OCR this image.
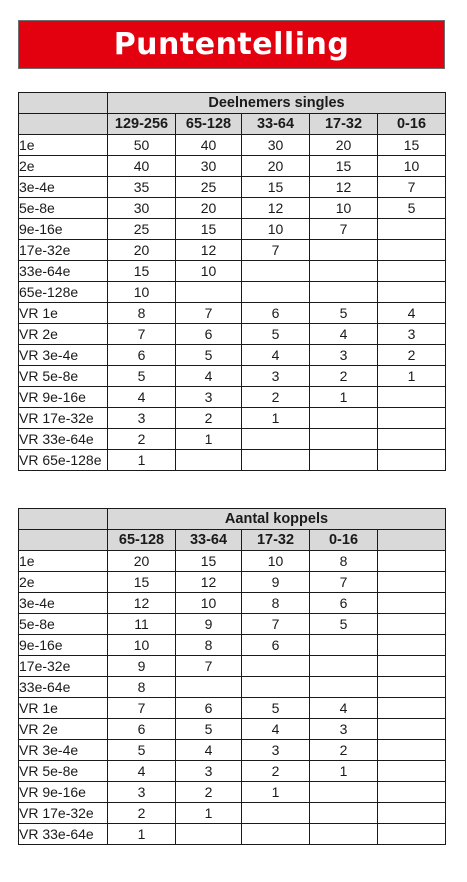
Puntentelling
	Deelnemers singles				
	129-256	65-128	33-64	17-32	0-16
1e	50	40	30	20	15
2e	40	30	20	15	10
3e-4e	35	25	15	12	7
5e-8e	30	20	12	10	5
9e-16e	25	15	10	7	
17e-32e	20	12	7		
33e-64e	15	10			
65e-128e	10				
VR 1e	8	7	6	5	4
VR 2e	7	6	5	4	3
VR 3e-4e	6	5	4	3	2
VR 5e-8e	5	4	3	2	1
VR 9e-16e	4	3	2	1	
VR 17e-32e	3	2	1		
VR 33e-64e	2	1			
VR 65e-128e	1				
	Aantal koppels				
	65-128	33-64	17-32	0-16	
1e	20	15	10	8	
2e	15	12	9	7	
3e-4e	12	10	8	6	
5e-8e	11	9	7	5	
9e-16e	10	8	6		
17e-32e	9	7			
33e-64e	8				
VR 1e	7	6	5	4	
VR 2e	6	5	4	3	
VR 3e-4e	5	4	3	2	
VR 5e-8e	4	3	2	1	
VR 9e-16e	3	2	1		
VR 17e-32e	2	1			
VR 33e-64e	1				
